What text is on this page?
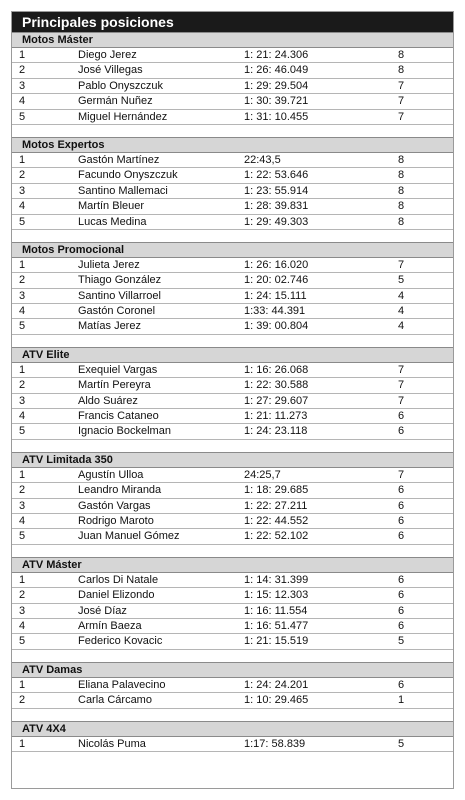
Principales posiciones
Motos Máster
1	Diego Jerez	1: 21: 24.306	8
2	José Villegas	1: 26: 46.049	8
3	Pablo Onyszczuk	1: 29: 29.504	7
4	Germán Nuñez	1: 30: 39.721	7
5	Miguel Hernández	1: 31: 10.455	7
Motos Expertos
1	Gastón Martínez	22:43,5	8
2	Facundo Onyszczuk	1: 22: 53.646	8
3	Santino Mallemaci	1: 23: 55.914	8
4	Martín Bleuer	1: 28: 39.831	8
5	Lucas Medina	1: 29: 49.303	8
Motos Promocional
1	Julieta Jerez	1: 26: 16.020	7
2	Thiago González	1: 20: 02.746	5
3	Santino Villarroel	1: 24: 15.111	4
4	Gastón Coronel	1:33: 44.391	4
5	Matías Jerez	1: 39: 00.804	4
ATV Elite
1	Exequiel Vargas	1: 16: 26.068	7
2	Martín Pereyra	1: 22: 30.588	7
3	Aldo Suárez	1: 27: 29.607	7
4	Francis Cataneo	1: 21: 11.273	6
5	Ignacio Bockelman	1: 24: 23.118	6
ATV Limitada 350
1	Agustín Ulloa	24:25,7	7
2	Leandro Miranda	1: 18: 29.685	6
3	Gastón Vargas	1: 22: 27.211	6
4	Rodrigo Maroto	1: 22: 44.552	6
5	Juan Manuel Gómez	1: 22: 52.102	6
ATV Máster
1	Carlos Di Natale	1: 14: 31.399	6
2	Daniel Elizondo	1: 15: 12.303	6
3	José Díaz	1: 16: 11.554	6
4	Armín Baeza	1: 16: 51.477	6
5	Federico Kovacic	1: 21: 15.519	5
ATV Damas
1	Eliana Palavecino	1: 24: 24.201	6
2	Carla Cárcamo	1: 10: 29.465	1
ATV 4X4
1	Nicolás Puma	1:17: 58.839	5
